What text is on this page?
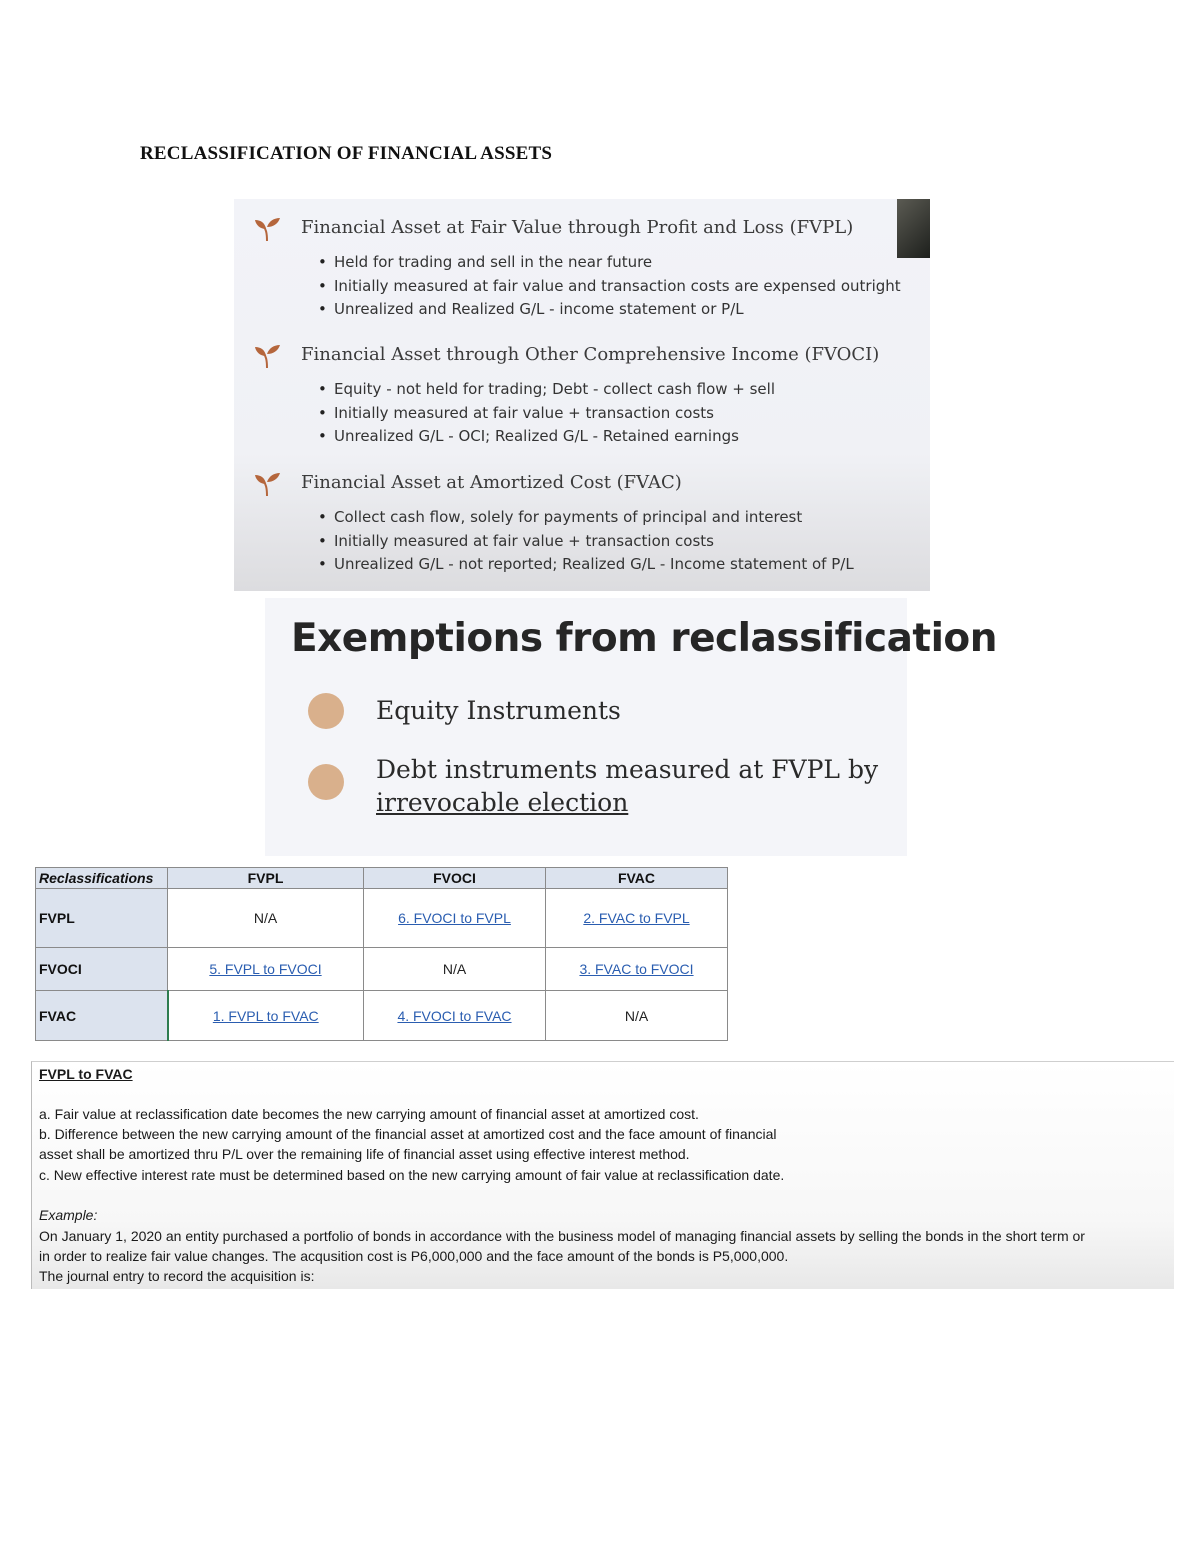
RECLASSIFICATION OF FINANCIAL ASSETS
Financial Asset at Fair Value through Profit and Loss (FVPL)
• Held for trading and sell in the near future
• Initially measured at fair value and transaction costs are expensed outright
• Unrealized and Realized G/L - income statement or P/L
Financial Asset through Other Comprehensive Income (FVOCI)
• Equity - not held for trading; Debt - collect cash flow + sell
• Initially measured at fair value + transaction costs
• Unrealized G/L - OCI; Realized G/L - Retained earnings
Financial Asset at Amortized Cost (FVAC)
• Collect cash flow, solely for payments of principal and interest
• Initially measured at fair value + transaction costs
• Unrealized G/L - not reported; Realized G/L - Income statement of P/L
Exemptions from reclassification
Equity Instruments
Debt instruments measured at FVPL by
irrevocable election
Reclassifications	FVPL	FVOCI	FVAC
FVPL	N/A	6. FVOCI to FVPL	2. FVAC to FVPL
FVOCI	5. FVPL to FVOCI	N/A	3. FVAC to FVOCI
FVAC	1. FVPL to FVAC	4. FVOCI to FVAC	N/A
FVPL to FVAC
a. Fair value at reclassification date becomes the new carrying amount of financial asset at amortized cost.
b. Difference between the new carrying amount of the financial asset at amortized cost and the face amount of financial
asset shall be amortized thru P/L over the remaining life of financial asset using effective interest method.
c. New effective interest rate must be determined based on the new carrying amount of fair value at reclassification date.
Example:
On January 1, 2020 an entity purchased a portfolio of bonds in accordance with the business model of managing financial assets by selling the bonds in the short term or
in order to realize fair value changes. The acqusition cost is P6,000,000 and the face amount of the bonds is P5,000,000.
The journal entry to record the acquisition is:
